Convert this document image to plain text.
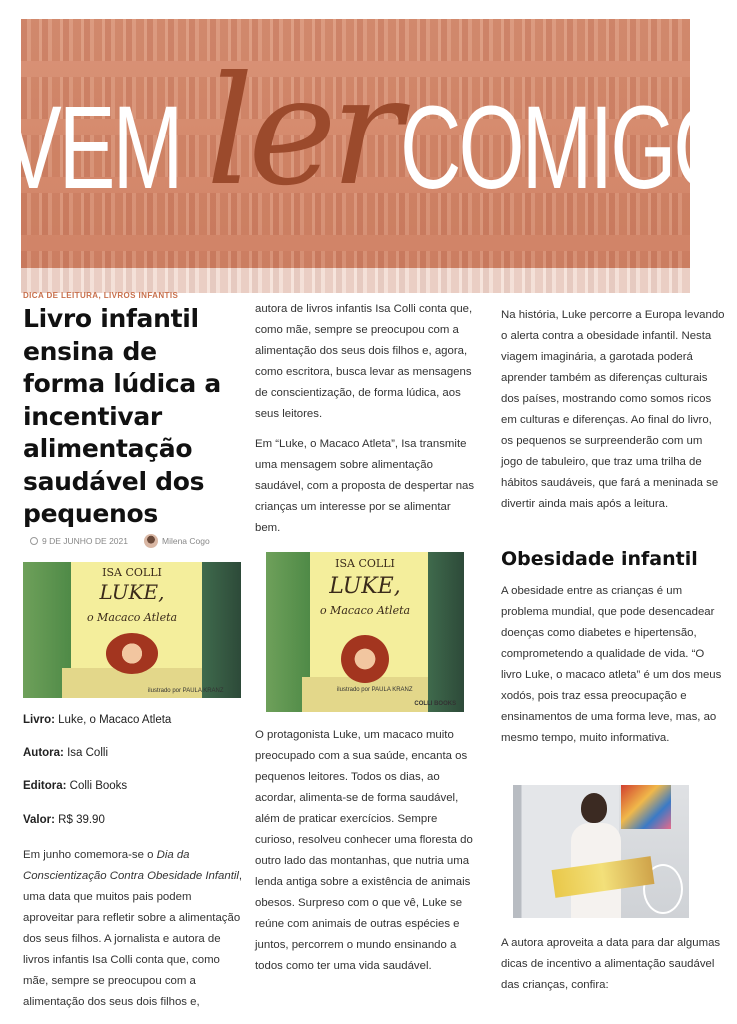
VEM COMIGO
ler
DICA DE LEITURA, LIVROS INFANTIS
Livro infantil ensina de forma lúdica a incentivar alimentação saudável dos pequenos
9 DE JUNHO DE 2021	Milena Cogo
ISA COLLI
LUKE,
o Macaco Atleta
ilustrado por PAULA KRANZ
Livro: Luke, o Macaco Atleta
Autora: Isa Colli
Editora: Colli Books
Valor: R$ 39.90

Em junho comemora-se o Dia da Conscientização Contra Obesidade Infantil, uma data que muitos pais podem aproveitar para refletir sobre a alimentação dos seus filhos. A jornalista e autora de livros infantis Isa Colli conta que, como mãe, sempre se preocupou com a alimentação dos seus dois filhos e,

autora de livros infantis Isa Colli conta que, como mãe, sempre se preocupou com a alimentação dos seus dois filhos e, agora, como escritora, busca levar as mensagens de conscientização, de forma lúdica, aos seus leitores.

Em “Luke, o Macaco Atleta”, Isa transmite uma mensagem sobre alimentação saudável, com a proposta de despertar nas crianças um interesse por se alimentar bem.

ISA COLLI
LUKE,
o Macaco Atleta
ilustrado por PAULA KRANZ
COLLI BOOKS

O protagonista Luke, um macaco muito preocupado com a sua saúde, encanta os pequenos leitores. Todos os dias, ao acordar, alimenta-se de forma saudável, além de praticar exercícios. Sempre curioso, resolveu conhecer uma floresta do outro lado das montanhas, que nutria uma lenda antiga sobre a existência de animais obesos. Surpreso com o que vê, Luke se reúne com animais de outras espécies e juntos, percorrem o mundo ensinando a todos como ter uma vida saudável.

Na história, Luke percorre a Europa levando o alerta contra a obesidade infantil. Nesta viagem imaginária, a garotada poderá aprender também as diferenças culturais dos países, mostrando como somos ricos em culturas e diferenças. Ao final do livro, os pequenos se surpreenderão com um jogo de tabuleiro, que traz uma trilha de hábitos saudáveis, que fará a meninada se divertir ainda mais após a leitura.

Obesidade infantil

A obesidade entre as crianças é um problema mundial, que pode desencadear doenças como diabetes e hipertensão, comprometendo a qualidade de vida. “O livro Luke, o macaco atleta” é um dos meus xodós, pois traz essa preocupação e ensinamentos de uma forma leve, mas, ao mesmo tempo, muito informativa.

A autora aproveita a data para dar algumas dicas de incentivo a alimentação saudável das crianças, confira:
